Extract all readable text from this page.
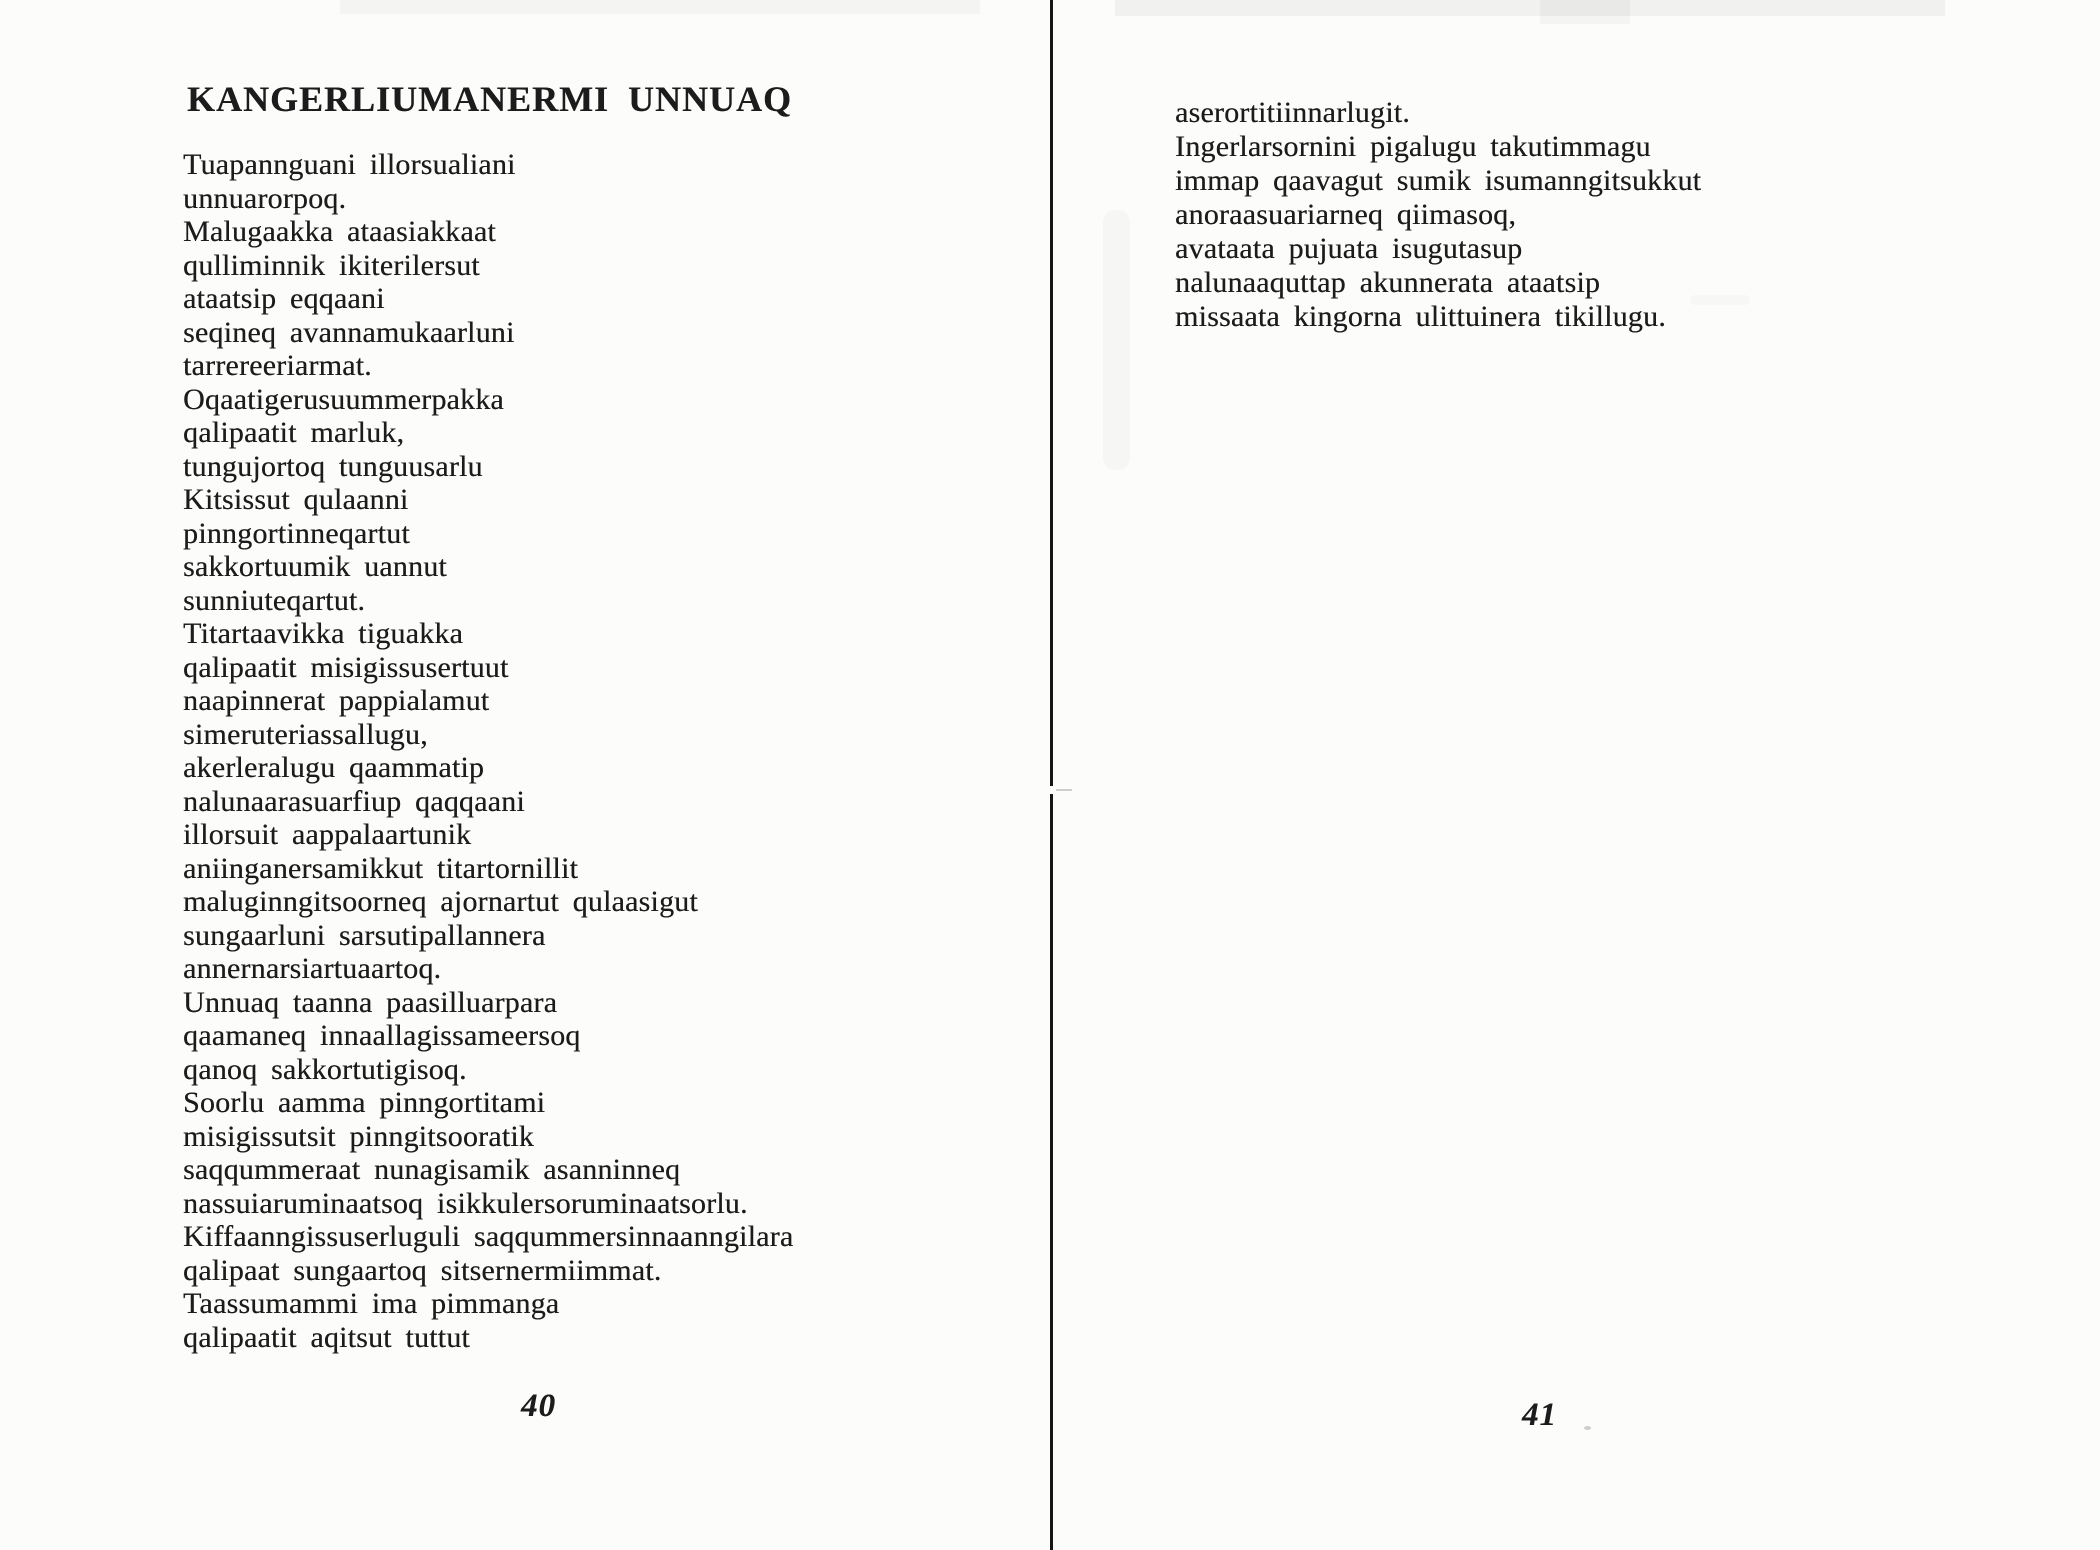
KANGERLIUMANERMI UNNUAQ
Tuapannguani illorsualiani
unnuarorpoq.
Malugaakka ataasiakkaat
qulliminnik ikiterilersut
ataatsip eqqaani
seqineq avannamukaarluni
tarrereeriarmat.
Oqaatigerusuummerpakka
qalipaatit marluk,
tungujortoq tunguusarlu
Kitsissut qulaanni
pinngortinneqartut
sakkortuumik uannut
sunniuteqartut.
Titartaavikka tiguakka
qalipaatit misigissusertuut
naapinnerat pappialamut
simeruteriassallugu,
akerleralugu qaammatip
nalunaarasuarfiup qaqqaani
illorsuit aappalaartunik
aniinganersamikkut titartornillit
maluginngitsoorneq ajornartut qulaasigut
sungaarluni sarsutipallannera
annernarsiartuaartoq.
Unnuaq taanna paasilluarpara
qaamaneq innaallagissameersoq
qanoq sakkortutigisoq.
Soorlu aamma pinngortitami
misigissutsit pinngitsooratik
saqqummeraat nunagisamik asanninneq
nassuiaruminaatsoq isikkulersoruminaatsorlu.
Kiffaanngissuserluguli saqqummersinnaanngilara
qalipaat sungaartoq sitsernermiimmat.
Taassumammi ima pimmanga
qalipaatit aqitsut tuttut
40
aserortitiinnarlugit.
Ingerlarsornini pigalugu takutimmagu
immap qaavagut sumik isumanngitsukkut
anoraasuariarneq qiimasoq,
avataata pujuata isugutasup
nalunaaquttap akunnerata ataatsip
missaata kingorna ulittuinera tikillugu.
41
